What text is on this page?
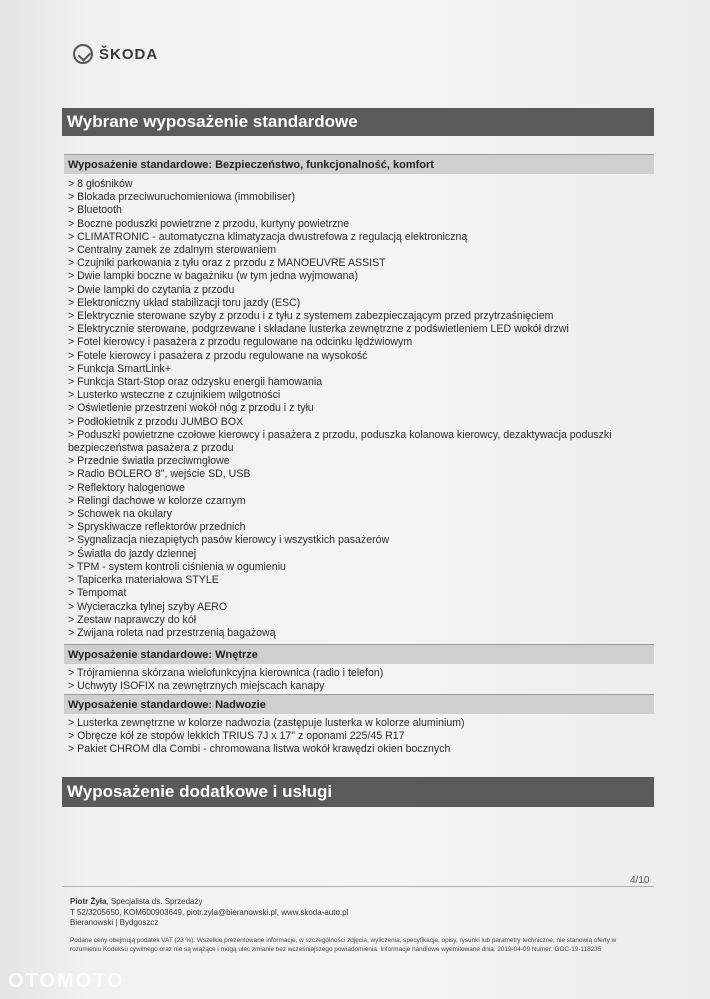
ŠKODA
Wybrane wyposażenie standardowe
Wyposażenie standardowe: Bezpieczeństwo, funkcjonalność, komfort
> 8 głośników
> Blokada przeciwuruchomieniowa (immobiliser)
> Bluetooth
> Boczne poduszki powietrzne z przodu, kurtyny powietrzne
> CLIMATRONIC - automatyczna klimatyzacja dwustrefowa z regulacją elektroniczną
> Centralny zamek ze zdalnym sterowaniem
> Czujniki parkowania z tyłu oraz z przodu z MANOEUVRE ASSIST
> Dwie lampki boczne w bagażniku (w tym jedna wyjmowana)
> Dwie lampki do czytania z przodu
> Elektroniczny układ stabilizacji toru jazdy (ESC)
> Elektrycznie sterowane szyby z przodu i z tyłu z systemem zabezpieczającym przed przytrzaśnięciem
> Elektrycznie sterowane, podgrzewane i składane lusterka zewnętrzne z podświetleniem LED wokół drzwi
> Fotel kierowcy i pasażera z przodu regulowane na odcinku lędźwiowym
> Fotele kierowcy i pasażera z przodu regulowane na wysokość
> Funkcja SmartLink+
> Funkcja Start-Stop oraz odzysku energii hamowania
> Lusterko wsteczne z czujnikiem wilgotności
> Oświetlenie przestrzeni wokół nóg z przodu i z tyłu
> Podłokietnik z przodu JUMBO BOX
> Poduszki powietrzne czołowe kierowcy i pasażera z przodu, poduszka kolanowa kierowcy, dezaktywacja poduszki bezpieczeństwa pasażera z przodu
> Przednie światła przeciwmgłowe
> Radio BOLERO 8", wejście SD, USB
> Reflektory halogenowe
> Relingi dachowe w kolorze czarnym
> Schowek na okulary
> Spryskiwacze reflektorów przednich
> Sygnalizacja niezapiętych pasów kierowcy i wszystkich pasażerów
> Światła do jazdy dziennej
> TPM - system kontroli ciśnienia w ogumieniu
> Tapicerka materiałowa STYLE
> Tempomat
> Wycieraczka tylnej szyby AERO
> Zestaw naprawczy do kół
> Zwijana roleta nad przestrzenią bagażową
Wyposażenie standardowe: Wnętrze
> Trójramienna skórzana wielofunkcyjna kierownica (radio i telefon)
> Uchwyty ISOFIX na zewnętrznych miejscach kanapy
Wyposażenie standardowe: Nadwozie
> Lusterka zewnętrzne w kolorze nadwozia (zastępuje lusterka w kolorze aluminium)
> Obręcze kół ze stopów lekkich TRIUS 7J x 17" z oponami 225/45 R17
> Pakiet CHROM dla Combi - chromowana listwa wokół krawędzi okien bocznych
Wyposażenie dodatkowe i usługi
4/10
Piotr Żyła, Specjalista ds. Sprzedaży
T 52/3205650, KOM600903649, piotr.zyla@bieranowski.pl, www.skoda-auto.pl
Bieranowski | Bydgoszcz
Podane ceny obejmują podatek VAT (23 %). Wszelkie prezentowane informacje, w szczególności zdjęcia, wyliczenia, specyfikacje, opisy, rysunki lub parametry techniczne, nie stanowią oferty w rozumieniu Kodeksu cywilnego oraz nie są wiążące i mogą ulec zmianie bez wcześniejszego powiadomienia. Informacje handlowe wyemitowane dnia: 2019-04-09 Numer: GOC-19-118235
OTOMOTO
